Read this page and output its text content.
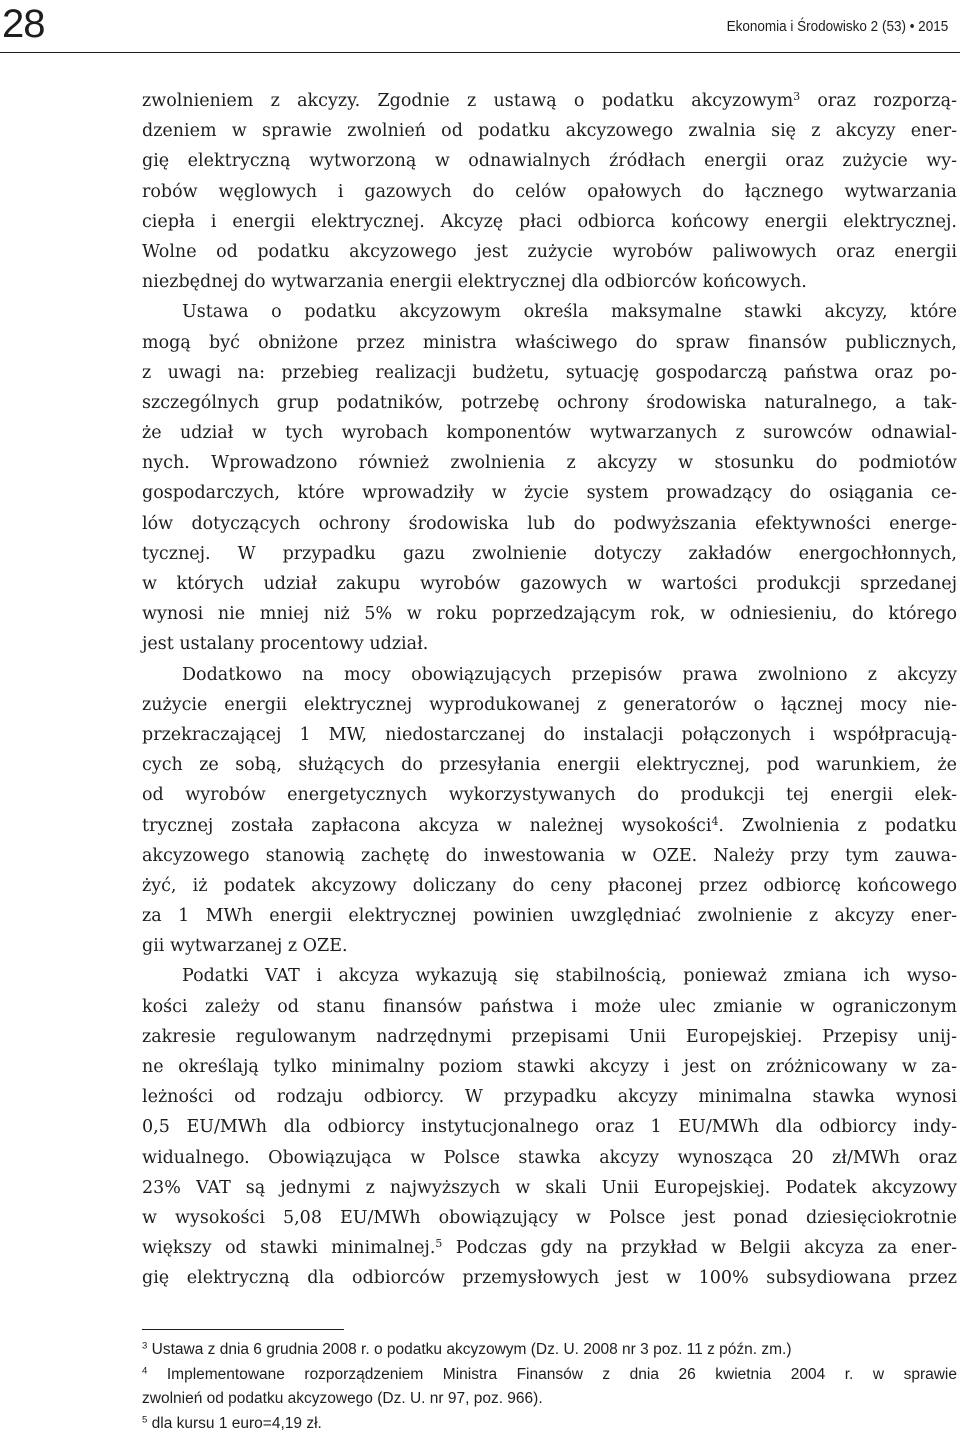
28	Ekonomia i Środowisko 2 (53) • 2015
zwolnieniem z akcyzy. Zgodnie z ustawą o podatku akcyzowym$^3$ oraz rozporzą-
dzeniem w sprawie zwolnień od podatku akcyzowego zwalnia się z akcyzy ener-
gię elektryczną wytworzoną w odnawialnych źródłach energii oraz zużycie wy-
robów węglowych i gazowych do celów opałowych do łącznego wytwarzania
ciepła i energii elektrycznej. Akcyzę płaci odbiorca końcowy energii elektrycznej.
Wolne od podatku akcyzowego jest zużycie wyrobów paliwowych oraz energii
niezbędnej do wytwarzania energii elektrycznej dla odbiorców końcowych.
Ustawa o podatku akcyzowym określa maksymalne stawki akcyzy, które
mogą być obniżone przez ministra właściwego do spraw finansów publicznych,
z uwagi na: przebieg realizacji budżetu, sytuację gospodarczą państwa oraz po-
szczególnych grup podatników, potrzebę ochrony środowiska naturalnego, a tak-
że udział w tych wyrobach komponentów wytwarzanych z surowców odnawial-
nych. Wprowadzono również zwolnienia z akcyzy w stosunku do podmiotów
gospodarczych, które wprowadziły w życie system prowadzący do osiągania ce-
lów dotyczących ochrony środowiska lub do podwyższania efektywności energe-
tycznej. W przypadku gazu zwolnienie dotyczy zakładów energochłonnych,
w których udział zakupu wyrobów gazowych w wartości produkcji sprzedanej
wynosi nie mniej niż 5% w roku poprzedzającym rok, w odniesieniu, do którego
jest ustalany procentowy udział.
Dodatkowo na mocy obowiązujących przepisów prawa zwolniono z akcyzy
zużycie energii elektrycznej wyprodukowanej z generatorów o łącznej mocy nie-
przekraczającej 1 MW, niedostarczanej do instalacji połączonych i współpracują-
cych ze sobą, służących do przesyłania energii elektrycznej, pod warunkiem, że
od wyrobów energetycznych wykorzystywanych do produkcji tej energii elek-
trycznej została zapłacona akcyza w należnej wysokości$^4$. Zwolnienia z podatku
akcyzowego stanowią zachętę do inwestowania w OZE. Należy przy tym zauwa-
żyć, iż podatek akcyzowy doliczany do ceny płaconej przez odbiorcę końcowego
za 1 MWh energii elektrycznej powinien uwzględniać zwolnienie z akcyzy ener-
gii wytwarzanej z OZE.
Podatki VAT i akcyza wykazują się stabilnością, ponieważ zmiana ich wyso-
kości zależy od stanu finansów państwa i może ulec zmianie w ograniczonym
zakresie regulowanym nadrzędnymi przepisami Unii Europejskiej. Przepisy unij-
ne określają tylko minimalny poziom stawki akcyzy i jest on zróżnicowany w za-
leżności od rodzaju odbiorcy. W przypadku akcyzy minimalna stawka wynosi
0,5 EU/MWh dla odbiorcy instytucjonalnego oraz 1 EU/MWh dla odbiorcy indy-
widualnego. Obowiązująca w Polsce stawka akcyzy wynosząca 20 zł/MWh oraz
23% VAT są jednymi z najwyższych w skali Unii Europejskiej. Podatek akcyzowy
w wysokości 5,08 EU/MWh obowiązujący w Polsce jest ponad dziesięciokrotnie
większy od stawki minimalnej.$^5$ Podczas gdy na przykład w Belgii akcyza za ener-
gię elektryczną dla odbiorców przemysłowych jest w 100% subsydiowana przez
$^3$ Ustawa z dnia 6 grudnia 2008 r. o podatku akcyzowym (Dz. U. 2008 nr 3 poz. 11 z późn. zm.)
$^4$ Implementowane rozporządzeniem Ministra Finansów z dnia 26 kwietnia 2004 r. w sprawie
zwolnień od podatku akcyzowego (Dz. U. nr 97, poz. 966).
$^5$ dla kursu 1 euro=4,19 zł.
